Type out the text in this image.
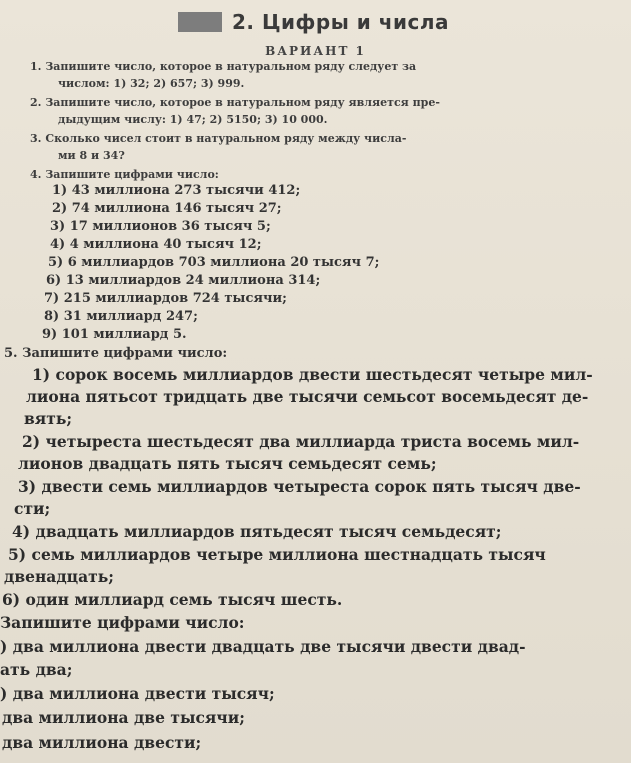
2. Цифры и числа
ВАРИАНТ 1
1. Запишите число, которое в натуральном ряду следует за
числом: 1) 32; 2) 657; 3) 999.
2. Запишите число, которое в натуральном ряду является пре-
дыдущим числу: 1) 47; 2) 5150; 3) 10 000.
3. Сколько чисел стоит в натуральном ряду между числа-
ми 8 и 34?
4. Запишите цифрами число:
1) 43 миллиона 273 тысячи 412;
2) 74 миллиона 146 тысяч 27;
3) 17 миллионов 36 тысяч 5;
4) 4 миллиона 40 тысяч 12;
5) 6 миллиардов 703 миллиона 20 тысяч 7;
6) 13 миллиардов 24 миллиона 314;
7) 215 миллиардов 724 тысячи;
8) 31 миллиард 247;
9) 101 миллиард 5.
5. Запишите цифрами число:
1) сорок восемь миллиардов двести шестьдесят четыре мил-
лиона пятьсот тридцать две тысячи семьсот восемьдесят де-
вять;
2) четыреста шестьдесят два миллиарда триста восемь мил-
лионов двадцать пять тысяч семьдесят семь;
3) двести семь миллиардов четыреста сорок пять тысяч две-
сти;
4) двадцать миллиардов пятьдесят тысяч семьдесят;
5) семь миллиардов четыре миллиона шестнадцать тысяч
двенадцать;
6) один миллиард семь тысяч шесть.
Запишите цифрами число:
) два миллиона двести двадцать две тысячи двести двад-
ать два;
) два миллиона двести тысяч;
два миллиона две тысячи;
два миллиона двести;
